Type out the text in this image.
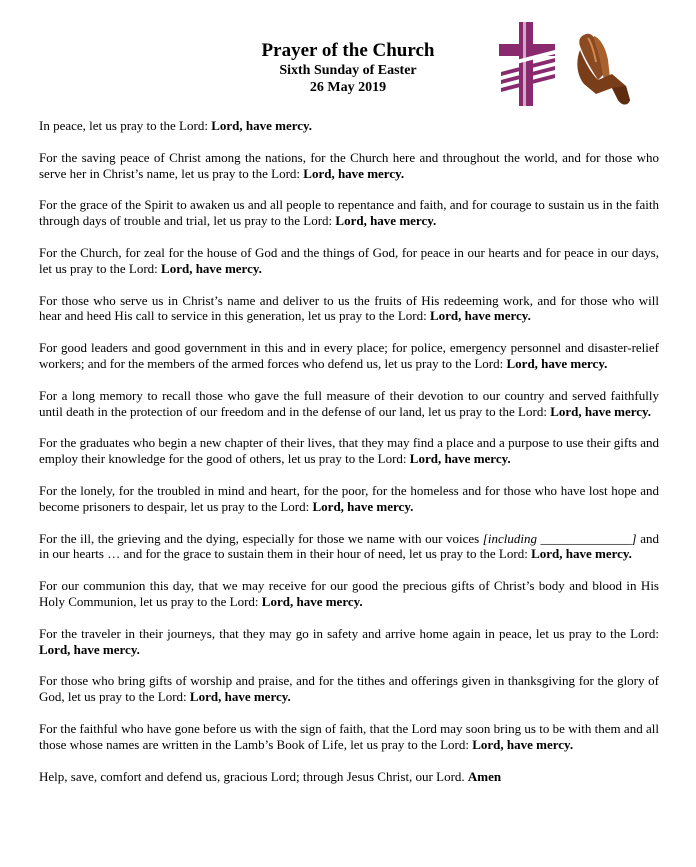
Prayer of the Church
Sixth Sunday of Easter
26 May 2019

In peace, let us pray to the Lord: Lord, have mercy.

For the saving peace of Christ among the nations, for the Church here and throughout the world, and for those who serve her in Christ’s name, let us pray to the Lord: Lord, have mercy.

For the grace of the Spirit to awaken us and all people to repentance and faith, and for courage to sustain us in the faith through days of trouble and trial, let us pray to the Lord: Lord, have mercy.

For the Church, for zeal for the house of God and the things of God, for peace in our hearts and for peace in our days, let us pray to the Lord: Lord, have mercy.

For those who serve us in Christ’s name and deliver to us the fruits of His redeeming work, and for those who will hear and heed His call to service in this generation, let us pray to the Lord: Lord, have mercy.

For good leaders and good government in this and in every place; for police, emergency personnel and disaster-relief workers; and for the members of the armed forces who defend us, let us pray to the Lord: Lord, have mercy.

For a long memory to recall those who gave the full measure of their devotion to our country and served faithfully until death in the protection of our freedom and in the defense of our land, let us pray to the Lord: Lord, have mercy.

For the graduates who begin a new chapter of their lives, that they may find a place and a purpose to use their gifts and employ their knowledge for the good of others, let us pray to the Lord: Lord, have mercy.

For the lonely, for the troubled in mind and heart, for the poor, for the homeless and for those who have lost hope and become prisoners to despair, let us pray to the Lord: Lord, have mercy.

For the ill, the grieving and the dying, especially for those we name with our voices [including ______________] and in our hearts … and for the grace to sustain them in their hour of need, let us pray to the Lord: Lord, have mercy.

For our communion this day, that we may receive for our good the precious gifts of Christ’s body and blood in His Holy Communion, let us pray to the Lord: Lord, have mercy.

For the traveler in their journeys, that they may go in safety and arrive home again in peace, let us pray to the Lord: Lord, have mercy.

For those who bring gifts of worship and praise, and for the tithes and offerings given in thanksgiving for the glory of God, let us pray to the Lord: Lord, have mercy.

For the faithful who have gone before us with the sign of faith, that the Lord may soon bring us to be with them and all those whose names are written in the Lamb’s Book of Life, let us pray to the Lord: Lord, have mercy.

Help, save, comfort and defend us, gracious Lord; through Jesus Christ, our Lord. Amen
